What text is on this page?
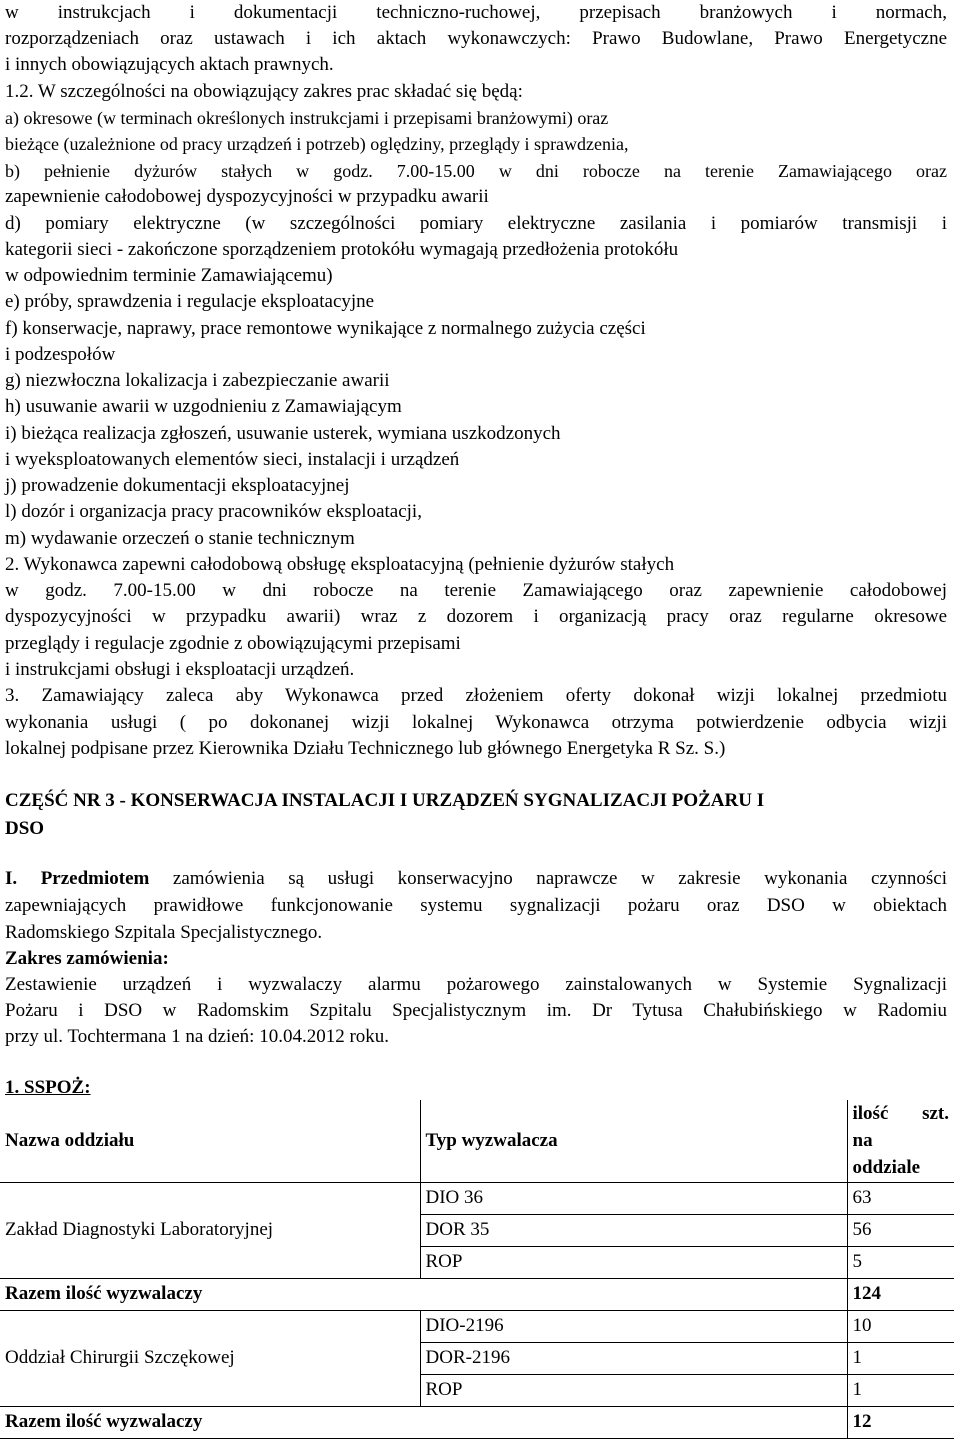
w instrukcjach i dokumentacji techniczno-ruchowej, przepisach branżowych i normach,
rozporządzeniach oraz ustawach i ich aktach wykonawczych: Prawo Budowlane, Prawo Energetyczne
i innych obowiązujących aktach prawnych.
1.2. W szczególności na obowiązujący zakres prac składać się będą:
a) okresowe (w terminach określonych instrukcjami i przepisami branżowymi) oraz
bieżące (uzależnione od pracy urządzeń i potrzeb) oględziny, przeglądy i sprawdzenia,
b) pełnienie dyżurów stałych w godz. 7.00-15.00 w dni robocze na terenie Zamawiającego oraz
zapewnienie całodobowej dyspozycyjności w przypadku awarii
d) pomiary elektryczne (w szczególności pomiary elektryczne zasilania i pomiarów transmisji i
kategorii sieci - zakończone sporządzeniem protokółu wymagają przedłożenia protokółu
w odpowiednim terminie Zamawiającemu)
e) próby, sprawdzenia i regulacje eksploatacyjne
f) konserwacje, naprawy, prace remontowe wynikające z normalnego zużycia części
i podzespołów
g) niezwłoczna lokalizacja i zabezpieczanie awarii
h) usuwanie awarii w uzgodnieniu z Zamawiającym
i) bieżąca realizacja zgłoszeń, usuwanie usterek, wymiana uszkodzonych
i wyeksploatowanych elementów sieci, instalacji i urządzeń
j) prowadzenie dokumentacji eksploatacyjnej
l) dozór i organizacja pracy pracowników eksploatacji,
m) wydawanie orzeczeń o stanie technicznym
2. Wykonawca zapewni całodobową obsługę eksploatacyjną (pełnienie dyżurów stałych
w godz. 7.00-15.00 w dni robocze na terenie Zamawiającego oraz zapewnienie całodobowej
dyspozycyjności w przypadku awarii) wraz z dozorem i organizacją pracy oraz regularne okresowe
przeglądy i regulacje zgodnie z obowiązującymi przepisami
i instrukcjami obsługi i eksploatacji urządzeń.
3. Zamawiający zaleca aby Wykonawca przed złożeniem oferty dokonał wizji lokalnej przedmiotu
wykonania usługi ( po dokonanej wizji lokalnej Wykonawca otrzyma potwierdzenie odbycia wizji
lokalnej podpisane przez Kierownika Działu Technicznego lub głównego Energetyka R Sz. S.)
CZĘŚĆ NR 3 - KONSERWACJA INSTALACJI I URZĄDZEŃ SYGNALIZACJI POŻARU I
DSO
I. Przedmiotem zamówienia są usługi konserwacyjno naprawcze w zakresie wykonania czynności
zapewniających prawidłowe funkcjonowanie systemu sygnalizacji pożaru oraz DSO w obiektach
Radomskiego Szpitala Specjalistycznego.
Zakres zamówienia:
Zestawienie urządzeń i wyzwalaczy alarmu pożarowego zainstalowanych w Systemie Sygnalizacji
Pożaru i DSO w Radomskim Szpitalu Specjalistycznym im. Dr Tytusa Chałubińskiego w Radomiu
przy ul. Tochtermana 1 na dzień: 10.04.2012 roku.
1. SSPOŻ:
Nazwa oddziału	Typ wyzwalacza	ilość szt.
na
oddziale

Zakład Diagnostyki Laboratoryjnej	DIO 36	63
	DOR 35	56
	ROP	5
Razem ilość wyzwalaczy		124
Oddział Chirurgii Szczękowej	DIO-2196	10
	DOR-2196	1
	ROP	1
Razem ilość wyzwalaczy		12
